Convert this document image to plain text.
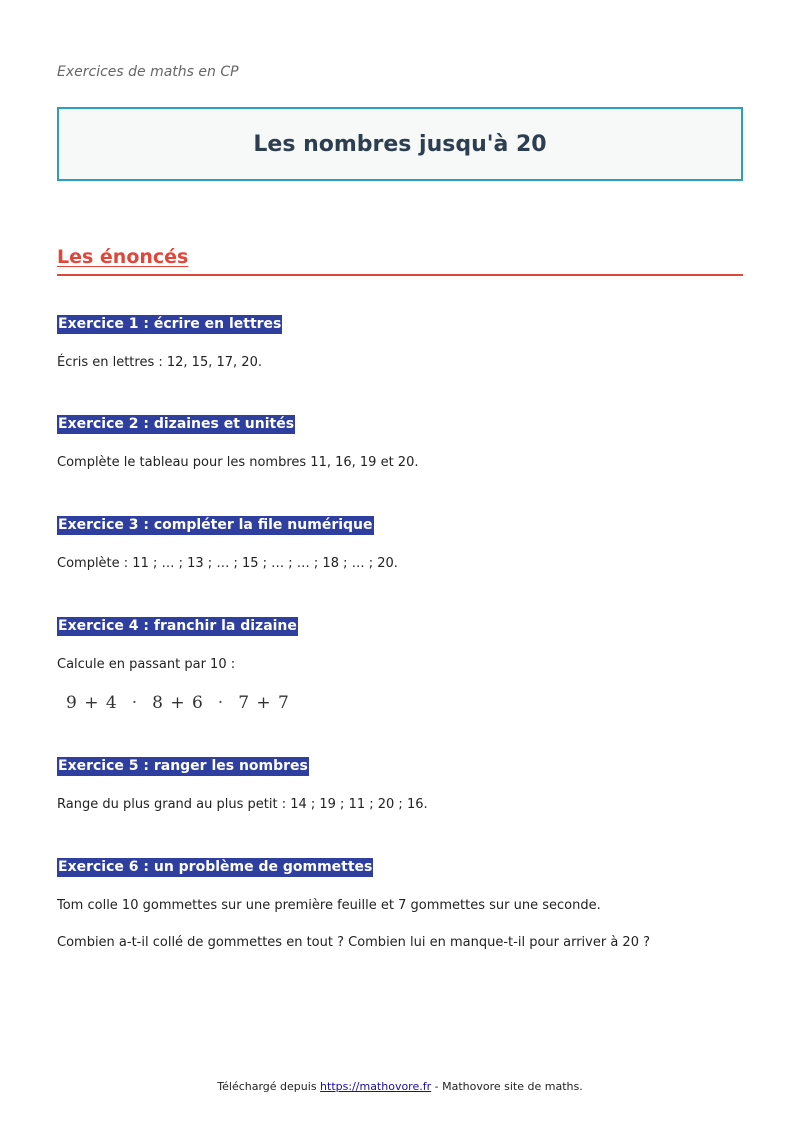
Exercices de maths en CP
Les nombres jusqu'à 20
Les énoncés
Exercice 1 : écrire en lettres
Écris en lettres : 12, 15, 17, 20.
Exercice 2 : dizaines et unités
Complète le tableau pour les nombres 11, 16, 19 et 20.
Exercice 3 : compléter la file numérique
Complète : 11 ; … ; 13 ; … ; 15 ; … ; … ; 18 ; … ; 20.
Exercice 4 : franchir la dizaine
Calcule en passant par 10 :
9 + 4 · 8 + 6 · 7 + 7
Exercice 5 : ranger les nombres
Range du plus grand au plus petit : 14 ; 19 ; 11 ; 20 ; 16.
Exercice 6 : un problème de gommettes
Tom colle 10 gommettes sur une première feuille et 7 gommettes sur une seconde.
Combien a-t-il collé de gommettes en tout ? Combien lui en manque-t-il pour arriver à 20 ?
Téléchargé depuis https://mathovore.fr - Mathovore site de maths.
